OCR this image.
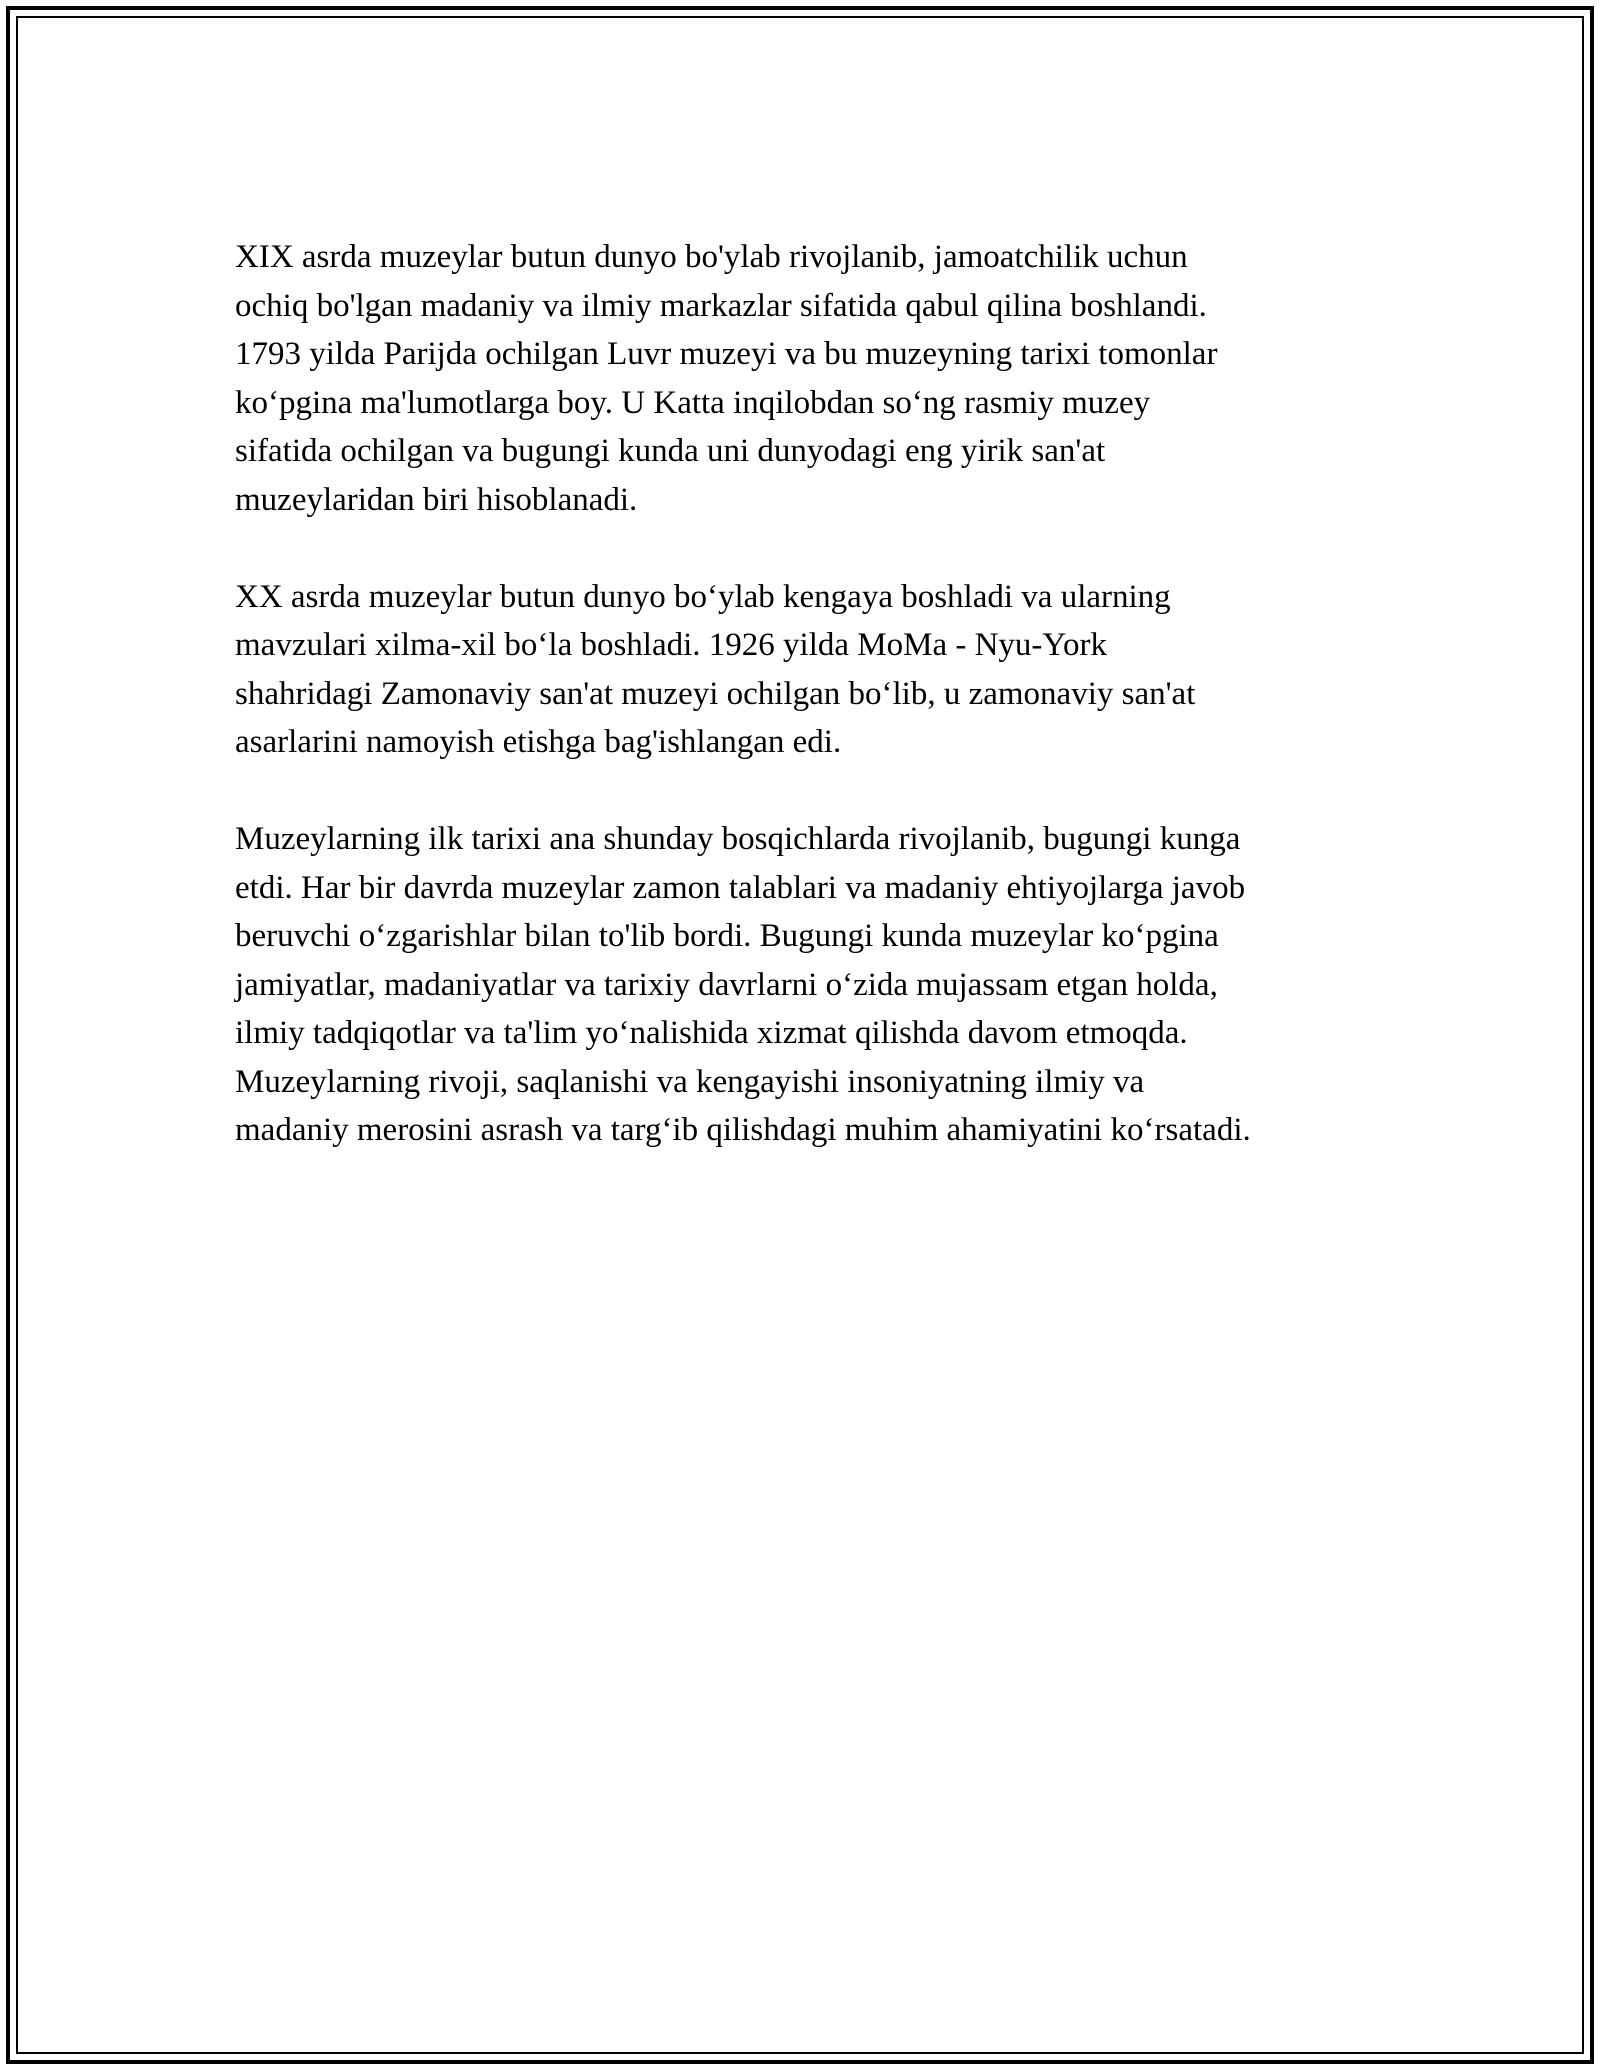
XIX asrda muzeylar butun dunyo bo'ylab rivojlanib, jamoatchilik uchun
ochiq bo'lgan madaniy va ilmiy markazlar sifatida qabul qilina boshlandi.
1793 yilda Parijda ochilgan Luvr muzeyi va bu muzeyning tarixi tomonlar
ko‘pgina ma'lumotlarga boy. U Katta inqilobdan so‘ng rasmiy muzey
sifatida ochilgan va bugungi kunda uni dunyodagi eng yirik san'at
muzeylaridan biri hisoblanadi.

XX asrda muzeylar butun dunyo bo‘ylab kengaya boshladi va ularning
mavzulari xilma-xil bo‘la boshladi. 1926 yilda MoMa - Nyu-York
shahridagi Zamonaviy san'at muzeyi ochilgan bo‘lib, u zamonaviy san'at
asarlarini namoyish etishga bag'ishlangan edi.

Muzeylarning ilk tarixi ana shunday bosqichlarda rivojlanib, bugungi kunga
etdi. Har bir davrda muzeylar zamon talablari va madaniy ehtiyojlarga javob
beruvchi o‘zgarishlar bilan to'lib bordi. Bugungi kunda muzeylar ko‘pgina
jamiyatlar, madaniyatlar va tarixiy davrlarni o‘zida mujassam etgan holda,
ilmiy tadqiqotlar va ta'lim yo‘nalishida xizmat qilishda davom etmoqda.
Muzeylarning rivoji, saqlanishi va kengayishi insoniyatning ilmiy va
madaniy merosini asrash va targ‘ib qilishdagi muhim ahamiyatini ko‘rsatadi.
